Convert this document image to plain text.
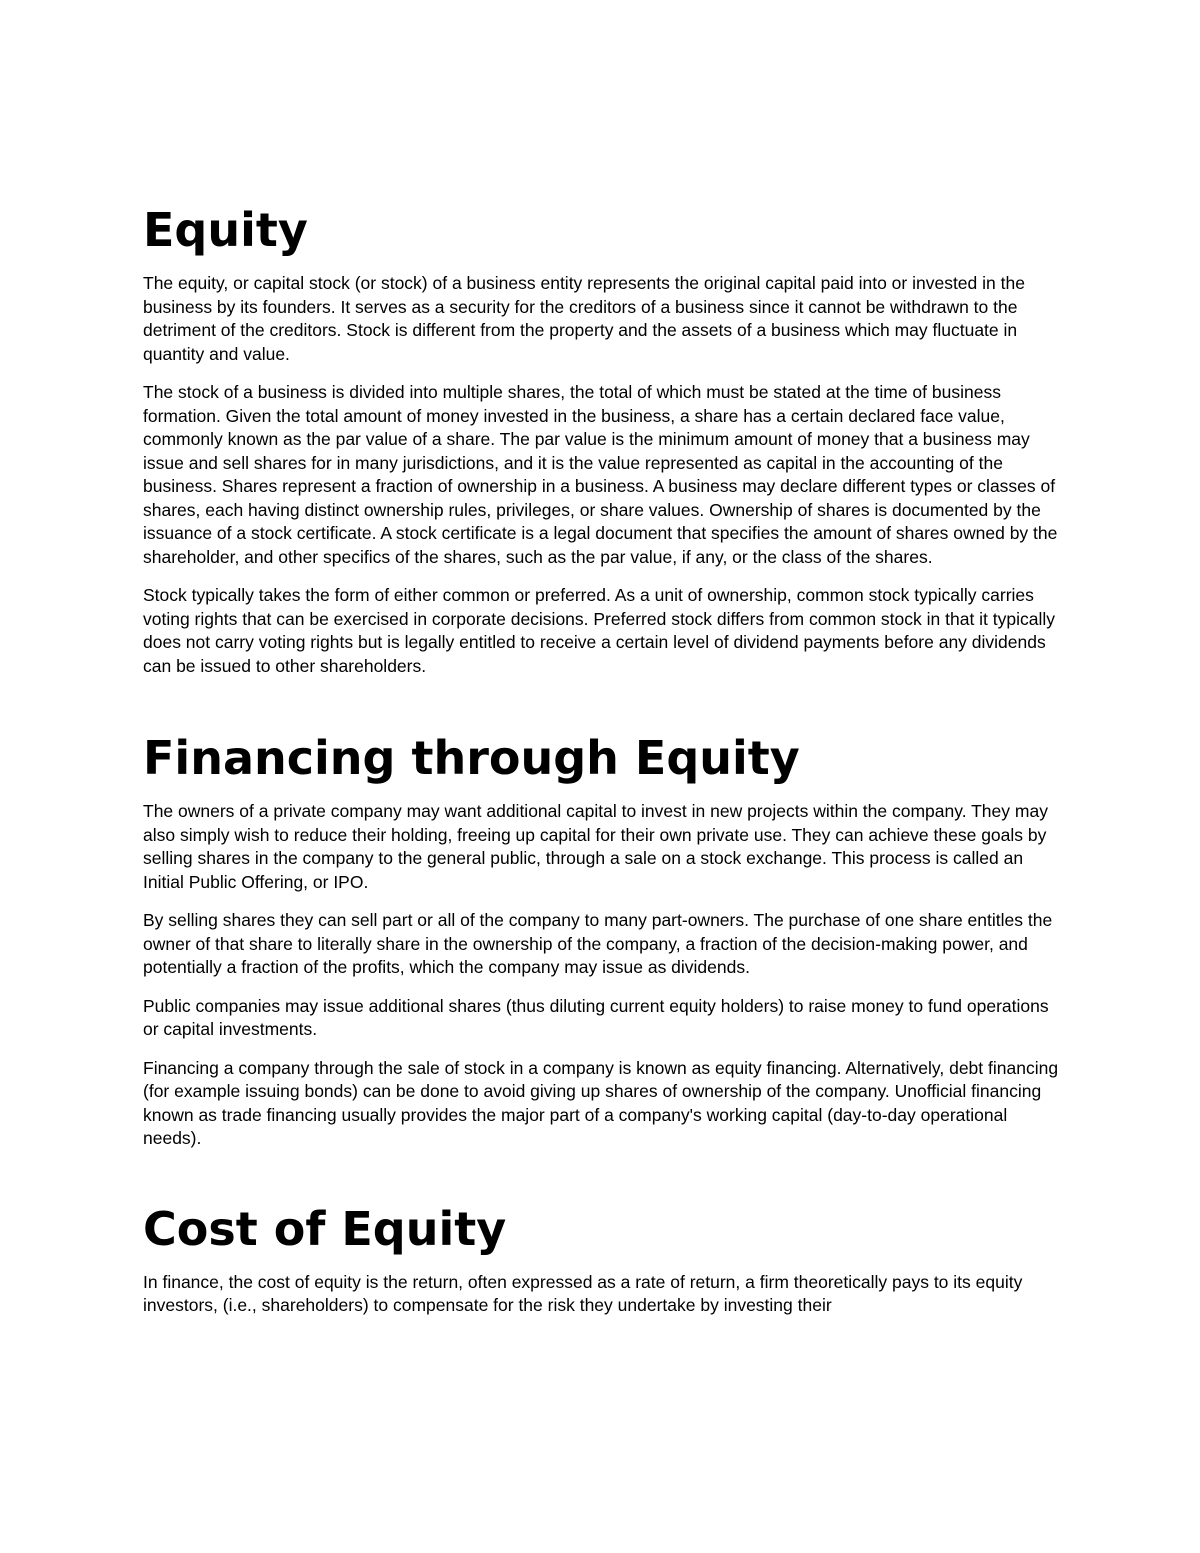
Equity

The equity, or capital stock (or stock) of a business entity represents the original capital paid into or invested in the business by its founders. It serves as a security for the creditors of a business since it cannot be withdrawn to the detriment of the creditors. Stock is different from the property and the assets of a business which may fluctuate in quantity and value.

The stock of a business is divided into multiple shares, the total of which must be stated at the time of business formation. Given the total amount of money invested in the business, a share has a certain declared face value, commonly known as the par value of a share. The par value is the minimum amount of money that a business may issue and sell shares for in many jurisdictions, and it is the value represented as capital in the accounting of the business. Shares represent a fraction of ownership in a business. A business may declare different types or classes of shares, each having distinct ownership rules, privileges, or share values. Ownership of shares is documented by the issuance of a stock certificate. A stock certificate is a legal document that specifies the amount of shares owned by the shareholder, and other specifics of the shares, such as the par value, if any, or the class of the shares.

Stock typically takes the form of either common or preferred. As a unit of ownership, common stock typically carries voting rights that can be exercised in corporate decisions. Preferred stock differs from common stock in that it typically does not carry voting rights but is legally entitled to receive a certain level of dividend payments before any dividends can be issued to other shareholders.

Financing through Equity

The owners of a private company may want additional capital to invest in new projects within the company. They may also simply wish to reduce their holding, freeing up capital for their own private use. They can achieve these goals by selling shares in the company to the general public, through a sale on a stock exchange. This process is called an Initial Public Offering, or IPO.

By selling shares they can sell part or all of the company to many part-owners. The purchase of one share entitles the owner of that share to literally share in the ownership of the company, a fraction of the decision-making power, and potentially a fraction of the profits, which the company may issue as dividends.

Public companies may issue additional shares (thus diluting current equity holders) to raise money to fund operations or capital investments.

Financing a company through the sale of stock in a company is known as equity financing. Alternatively, debt financing (for example issuing bonds) can be done to avoid giving up shares of ownership of the company. Unofficial financing known as trade financing usually provides the major part of a company's working capital (day-to-day operational needs).

Cost of Equity

In finance, the cost of equity is the return, often expressed as a rate of return, a firm theoretically pays to its equity investors, (i.e., shareholders) to compensate for the risk they undertake by investing their
